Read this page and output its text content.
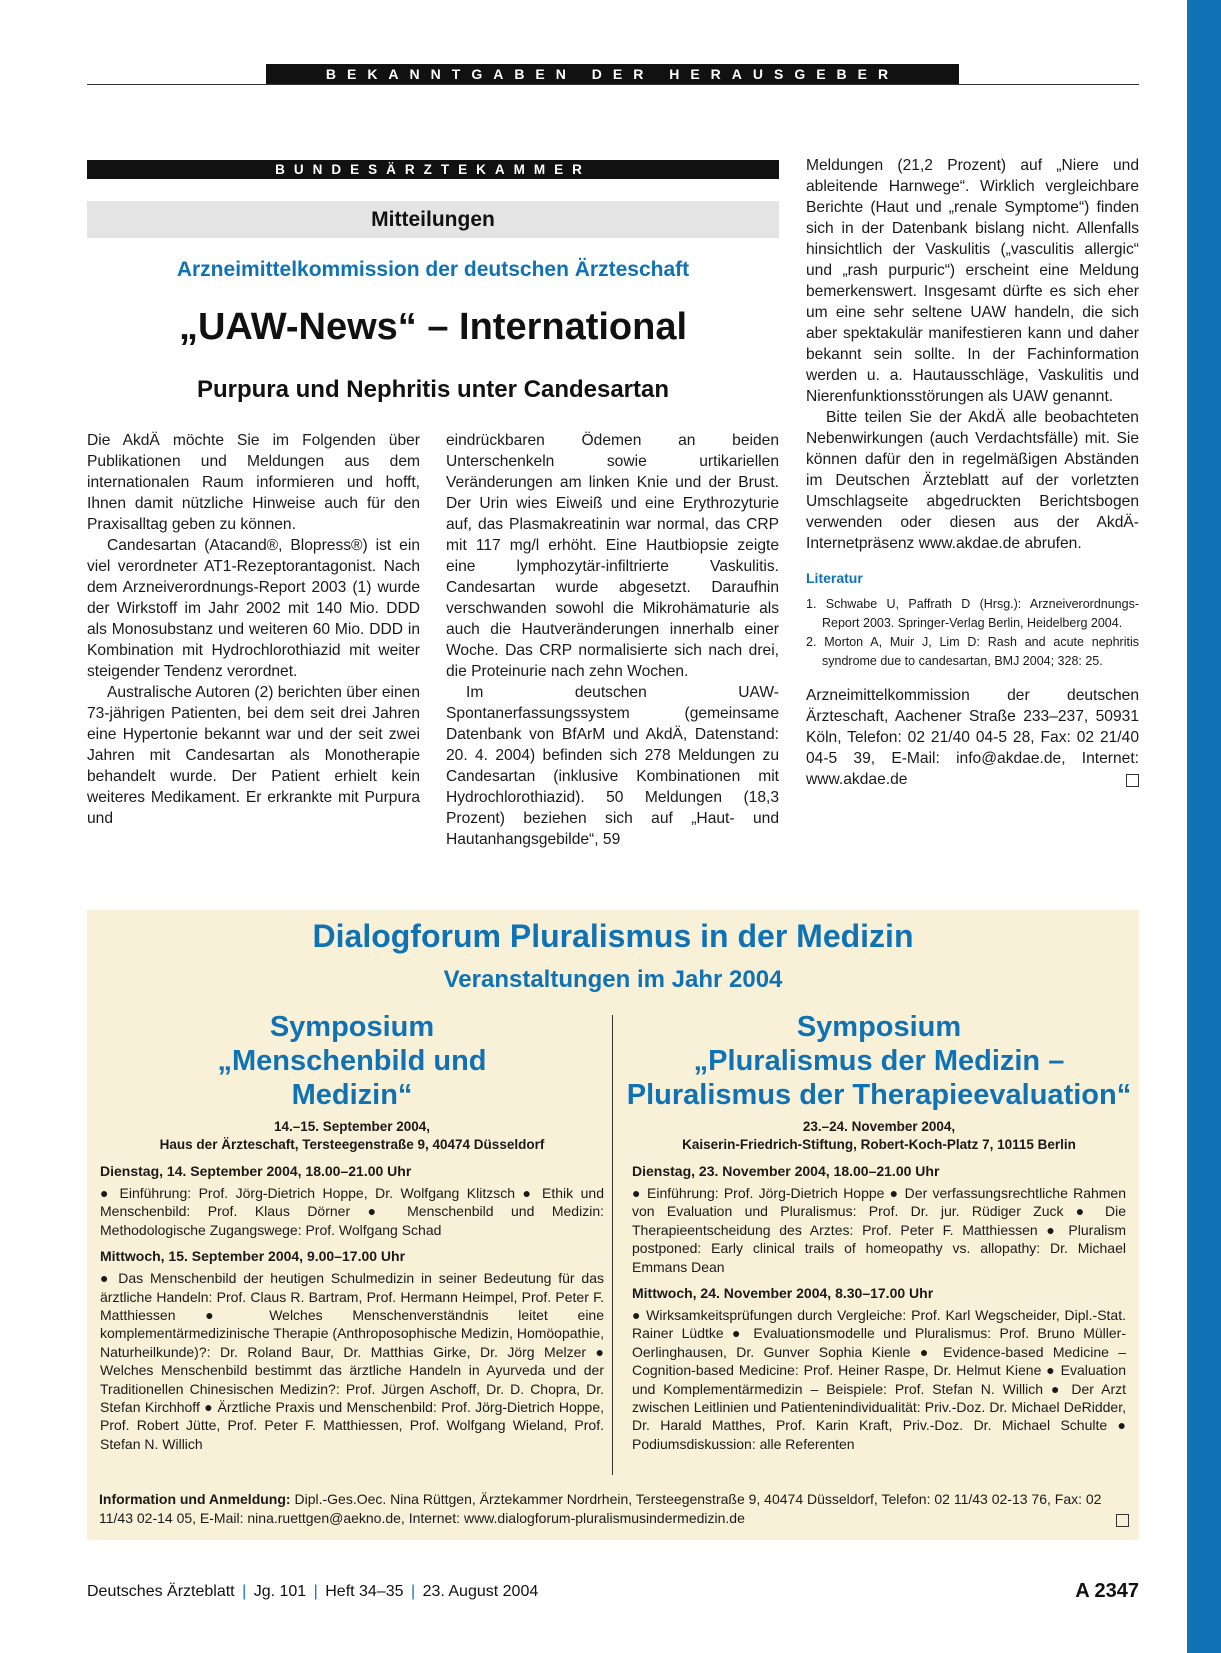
BEKANNTGABEN DER HERAUSGEBER
BUNDESÄRZTEKAMMER
Mitteilungen
Arzneimittelkommission der deutschen Ärzteschaft
„UAW-News“ – International
Purpura und Nephritis unter Candesartan

Die AkdÄ möchte Sie im Folgenden über Publikationen und Meldungen aus dem internationalen Raum informieren und hofft, Ihnen damit nützliche Hinweise auch für den Praxisalltag geben zu können.

Candesartan (Atacand®, Blopress®) ist ein viel verordneter AT1-Rezeptorantagonist. Nach dem Arzneiverordnungs-Report 2003 (1) wurde der Wirkstoff im Jahr 2002 mit 140 Mio. DDD als Monosubstanz und weiteren 60 Mio. DDD in Kombination mit Hydrochlorothiazid mit weiter steigender Tendenz verordnet.

Australische Autoren (2) berichten über einen 73-jährigen Patienten, bei dem seit drei Jahren eine Hypertonie bekannt war und der seit zwei Jahren mit Candesartan als Monotherapie behandelt wurde. Der Patient erhielt kein weiteres Medikament. Er erkrankte mit Purpura und

eindrückbaren Ödemen an beiden Unterschenkeln sowie urtikariellen Veränderungen am linken Knie und der Brust. Der Urin wies Eiweiß und eine Erythrozyturie auf, das Plasmakreatinin war normal, das CRP mit 117 mg/l erhöht. Eine Hautbiopsie zeigte eine lymphozytär-infiltrierte Vaskulitis. Candesartan wurde abgesetzt. Daraufhin verschwanden sowohl die Mikrohämaturie als auch die Hautveränderungen innerhalb einer Woche. Das CRP normalisierte sich nach drei, die Proteinurie nach zehn Wochen.

Im deutschen UAW-Spontanerfassungssystem (gemeinsame Datenbank von BfArM und AkdÄ, Datenstand: 20. 4. 2004) befinden sich 278 Meldungen zu Candesartan (inklusive Kombinationen mit Hydrochlorothiazid). 50 Meldungen (18,3 Prozent) beziehen sich auf „Haut- und Hautanhangsgebilde“, 59

Meldungen (21,2 Prozent) auf „Niere und ableitende Harnwege“. Wirklich vergleichbare Berichte (Haut und „renale Symptome“) finden sich in der Datenbank bislang nicht. Allenfalls hinsichtlich der Vaskulitis („vasculitis allergic“ und „rash purpuric“) erscheint eine Meldung bemerkenswert. Insgesamt dürfte es sich eher um eine sehr seltene UAW handeln, die sich aber spektakulär manifestieren kann und daher bekannt sein sollte. In der Fachinformation werden u. a. Hautausschläge, Vaskulitis und Nierenfunktionsstörungen als UAW genannt.

Bitte teilen Sie der AkdÄ alle beobachteten Nebenwirkungen (auch Verdachtsfälle) mit. Sie können dafür den in regelmäßigen Abständen im Deutschen Ärzteblatt auf der vorletzten Umschlagseite abgedruckten Berichtsbogen verwenden oder diesen aus der AkdÄ-Internetpräsenz www.akdae.de abrufen.

Literatur

1. Schwabe U, Paffrath D (Hrsg.): Arzneiverordnungs-Report 2003. Springer-Verlag Berlin, Heidelberg 2004.
2. Morton A, Muir J, Lim D: Rash and acute nephritis syndrome due to candesartan, BMJ 2004; 328: 25.

Arzneimittelkommission der deutschen Ärzteschaft, Aachener Straße 233–237, 50931 Köln, Telefon: 02 21/40 04-5 28, Fax: 02 21/40 04-5 39, E-Mail: info@akdae.de, Internet: www.akdae.de

Dialogforum Pluralismus in der Medizin
Veranstaltungen im Jahr 2004
Symposium
„Menschenbild und
Medizin“
14.–15. September 2004,
Haus der Ärzteschaft, Tersteegenstraße 9, 40474 Düsseldorf
Dienstag, 14. September 2004, 18.00–21.00 Uhr
● Einführung: Prof. Jörg-Dietrich Hoppe, Dr. Wolfgang Klitzsch ● Ethik und Menschenbild: Prof. Klaus Dörner ● Menschenbild und Medizin: Methodologische Zugangswege: Prof. Wolfgang Schad
Mittwoch, 15. September 2004, 9.00–17.00 Uhr
● Das Menschenbild der heutigen Schulmedizin in seiner Bedeutung für das ärztliche Handeln: Prof. Claus R. Bartram, Prof. Hermann Heimpel, Prof. Peter F. Matthiessen ● Welches Menschenverständnis leitet eine komplementärmedizinische Therapie (Anthroposophische Medizin, Homöopathie, Naturheilkunde)?: Dr. Roland Baur, Dr. Matthias Girke, Dr. Jörg Melzer ● Welches Menschenbild bestimmt das ärztliche Handeln in Ayurveda und der Traditionellen Chinesischen Medizin?: Prof. Jürgen Aschoff, Dr. D. Chopra, Dr. Stefan Kirchhoff ● Ärztliche Praxis und Menschenbild: Prof. Jörg-Dietrich Hoppe, Prof. Robert Jütte, Prof. Peter F. Matthiessen, Prof. Wolfgang Wieland, Prof. Stefan N. Willich
Symposium
„Pluralismus der Medizin –
Pluralismus der Therapieevaluation“
23.–24. November 2004,
Kaiserin-Friedrich-Stiftung, Robert-Koch-Platz 7, 10115 Berlin
Dienstag, 23. November 2004, 18.00–21.00 Uhr
● Einführung: Prof. Jörg-Dietrich Hoppe ● Der verfassungsrechtliche Rahmen von Evaluation und Pluralismus: Prof. Dr. jur. Rüdiger Zuck ● Die Therapieentscheidung des Arztes: Prof. Peter F. Matthiessen ● Pluralism postponed: Early clinical trails of homeopathy vs. allopathy: Dr. Michael Emmans Dean
Mittwoch, 24. November 2004, 8.30–17.00 Uhr
● Wirksamkeitsprüfungen durch Vergleiche: Prof. Karl Wegscheider, Dipl.-Stat. Rainer Lüdtke ● Evaluationsmodelle und Pluralismus: Prof. Bruno Müller-Oerlinghausen, Dr. Gunver Sophia Kienle ● Evidence-based Medicine – Cognition-based Medicine: Prof. Heiner Raspe, Dr. Helmut Kiene ● Evaluation und Komplementärmedizin – Beispiele: Prof. Stefan N. Willich ● Der Arzt zwischen Leitlinien und Patientenindividualität: Priv.-Doz. Dr. Michael DeRidder, Dr. Harald Matthes, Prof. Karin Kraft, Priv.-Doz. Dr. Michael Schulte ● Podiumsdiskussion: alle Referenten
Information und Anmeldung: Dipl.-Ges.Oec. Nina Rüttgen, Ärztekammer Nordrhein, Tersteegenstraße 9, 40474 Düsseldorf, Telefon: 02 11/43 02-13 76, Fax: 02 11/43 02-14 05, E-Mail: nina.ruettgen@aekno.de, Internet: www.dialogforum-pluralismusindermedizin.de
Deutsches Ärzteblatt | Jg. 101 | Heft 34–35 | 23. August 2004	A 2347
